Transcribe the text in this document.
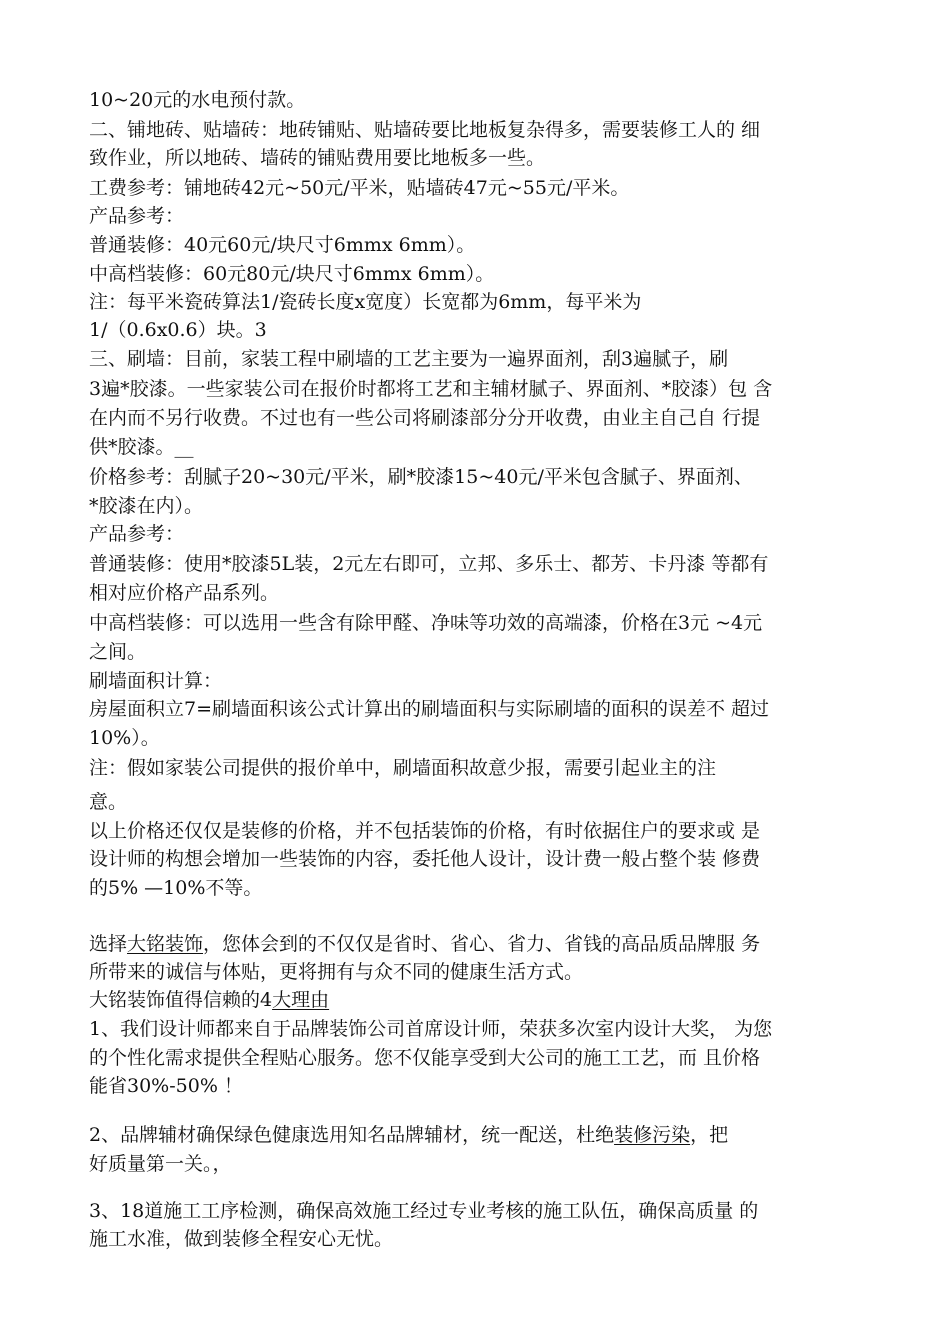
10~20元的水电预付款。
二、铺地砖、贴墙砖：地砖铺贴、贴墙砖要比地板复杂得多，需要装修工人的 细
致作业，所以地砖、墙砖的铺贴费用要比地板多一些。
工费参考：铺地砖42元~50元/平米，贴墙砖47元~55元/平米。
产品参考：
普通装修：40元60元/块尺寸6mmx 6mm）。
中高档装修：60元80元/块尺寸6mmx 6mm）。
注：每平米瓷砖算法1/瓷砖长度x宽度）长宽都为6mm，每平米为
1/（0.6x0.6）块。3
三、刷墙：目前，家装工程中刷墙的工艺主要为一遍界面剂，刮3遍腻子，刷
3遍*胶漆。一些家装公司在报价时都将工艺和主辅材腻子、界面剂、*胶漆）包 含
在内而不另行收费。不过也有一些公司将刷漆部分分开收费，由业主自己自 行提
供*胶漆。__
价格参考：刮腻子20~30元/平米，刷*胶漆15~40元/平米包含腻子、界面剂、
*胶漆在内）。
产品参考：
普通装修：使用*胶漆5L装，2元左右即可，立邦、多乐士、都芳、卡丹漆 等都有
相对应价格产品系列。
中高档装修：可以选用一些含有除甲醛、净味等功效的高端漆，价格在3元 ~4元
之间。
刷墙面积计算：
房屋面积立7=刷墙面积该公式计算出的刷墙面积与实际刷墙的面积的误差不 超过
10%）。
注：假如家装公司提供的报价单中，刷墙面积故意少报，需要引起业主的注
意。
以上价格还仅仅是装修的价格，并不包括装饰的价格，有时依据住户的要求或 是
设计师的构想会增加一些装饰的内容，委托他人设计，设计费一般占整个装 修费
的5% —10%不等。
选择大铭装饰，您体会到的不仅仅是省时、省心、省力、省钱的高品质品牌服 务
所带来的诚信与体贴，更将拥有与众不同的健康生活方式。
大铭装饰值得信赖的4大理由
1、我们设计师都来自于品牌装饰公司首席设计师，荣获多次室内设计大奖， 为您
的个性化需求提供全程贴心服务。您不仅能享受到大公司的施工工艺，而 且价格
能省30%-50% ！
2、品牌辅材确保绿色健康选用知名品牌辅材，统一配送，杜绝装修污染，把
好质量第一关。，
3、18道施工工序检测，确保高效施工经过专业考核的施工队伍，确保高质量 的
施工水准，做到装修全程安心无忧。
